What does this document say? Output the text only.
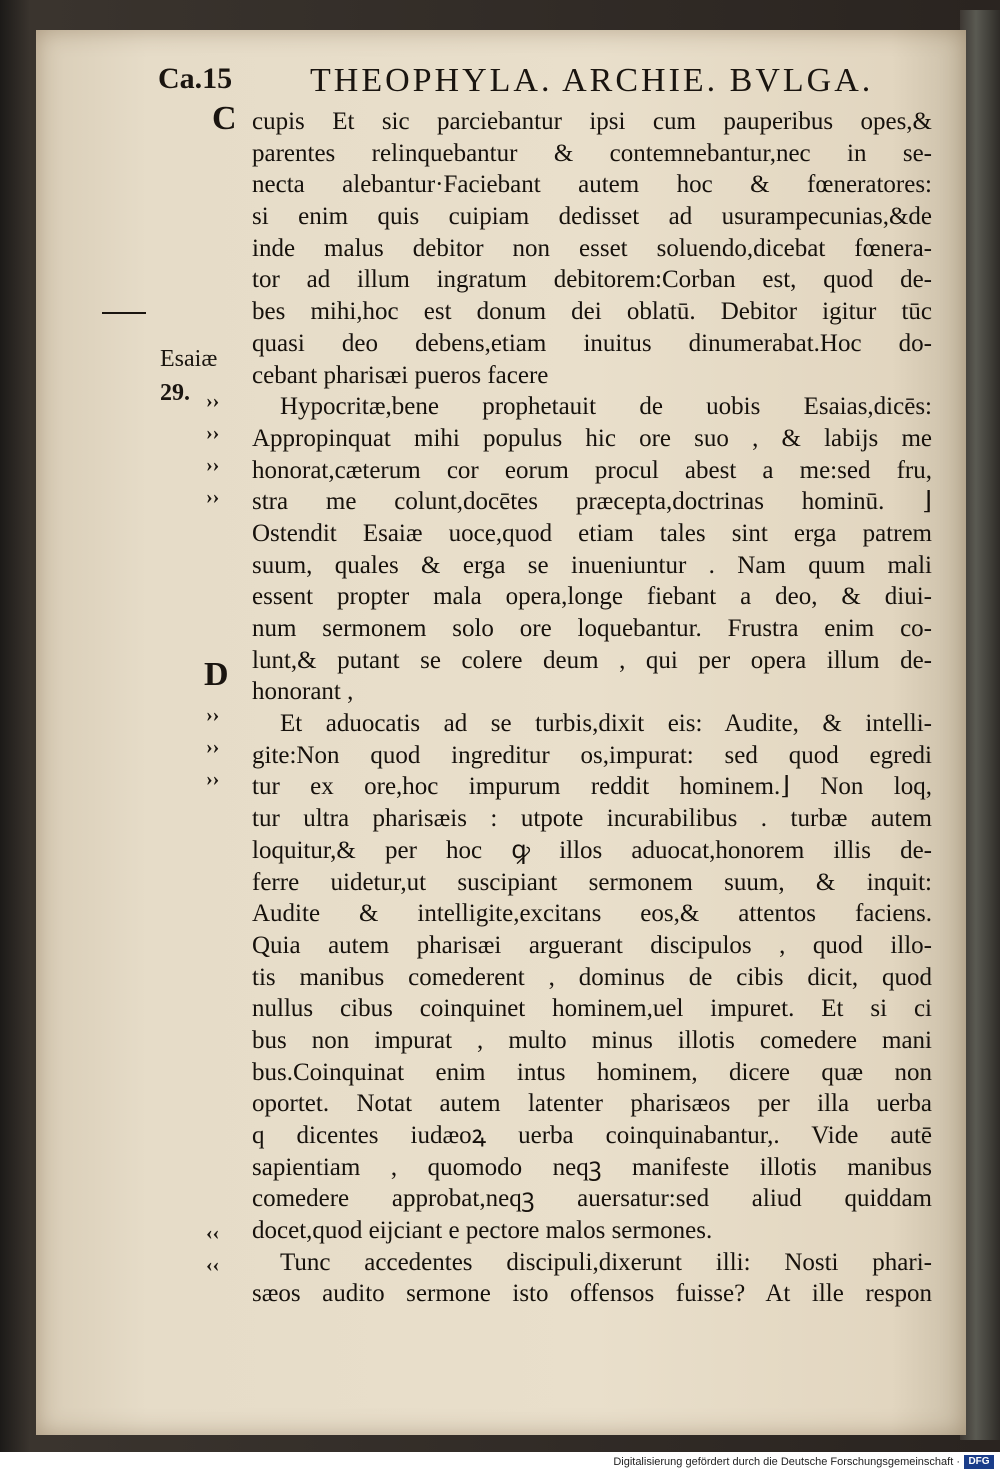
Ca.15 THEOPHYLA. ARCHIE. BVLGA.
C
D
Esaiæ
29. ››
››
››
››
››
››
››
‹‹
‹‹
cupis Et sic parciebantur ipsi cum pauperibus opes,&
parentes relinquebantur & contemnebantur,nec in se-
necta alebantur·Faciebant autem hoc & fœneratores:
si enim quis cuipiam dedisset ad usurampecunias,&de
inde malus debitor non esset soluendo,dicebat fœnera-
tor ad illum ingratum debitorem:Corban est, quod de-
bes mihi,hoc est donum dei oblatū. Debitor igitur tūc
quasi deo debens,etiam inuitus dinumerabat.Hoc do-
cebant pharisæi pueros facere
Hypocritæ,bene prophetauit de uobis Esaias,dicēs:
Appropinquat mihi populus hic ore suo , & labijs me
honorat,cæterum cor eorum procul abest a me:sed fru,
stra me colunt,docētes præcepta,doctrinas hominū. ⌋
Ostendit Esaiæ uoce,quod etiam tales sint erga patrem
suum, quales & erga se inueniuntur . Nam quum mali
essent propter mala opera,longe fiebant a deo, & diui-
num sermonem solo ore loquebantur. Frustra enim co-
lunt,& putant se colere deum , qui per opera illum de-
honorant ,
Et aduocatis ad se turbis,dixit eis: Audite, & intelli-
gite:Non quod ingreditur os,impurat: sed quod egredi
tur ex ore,hoc impurum reddit hominem.⌋ Non loq,
tur ultra pharisæis : utpote incurabilibus . turbæ autem
loquitur,& per hoc ꝙ illos aduocat,honorem illis de-
ferre uidetur,ut suscipiant sermonem suum, & inquit:
Audite & intelligite,excitans eos,& attentos faciens.
Quia autem pharisæi arguerant discipulos , quod illo-
tis manibus comederent , dominus de cibis dicit, quod
nullus cibus coinquinet hominem,uel impuret. Et si ci
bus non impurat , multo minus illotis comedere mani
bus.Coinquinat enim intus hominem, dicere quæ non
oportet. Notat autem latenter pharisæos per illa uerba
q dicentes iudæoꝝ uerba coinquinabantur,. Vide autē
sapientiam , quomodo neqꝫ manifeste illotis manibus
comedere approbat,neqꝫ auersatur:sed aliud quiddam
docet,quod eijciant e pectore malos sermones.
Tunc accedentes discipuli,dixerunt illi: Nosti phari-
sæos audito sermone isto offensos fuisse? At ille respon
Digitalisierung gefördert durch die Deutsche Forschungsgemeinschaft · DFG
